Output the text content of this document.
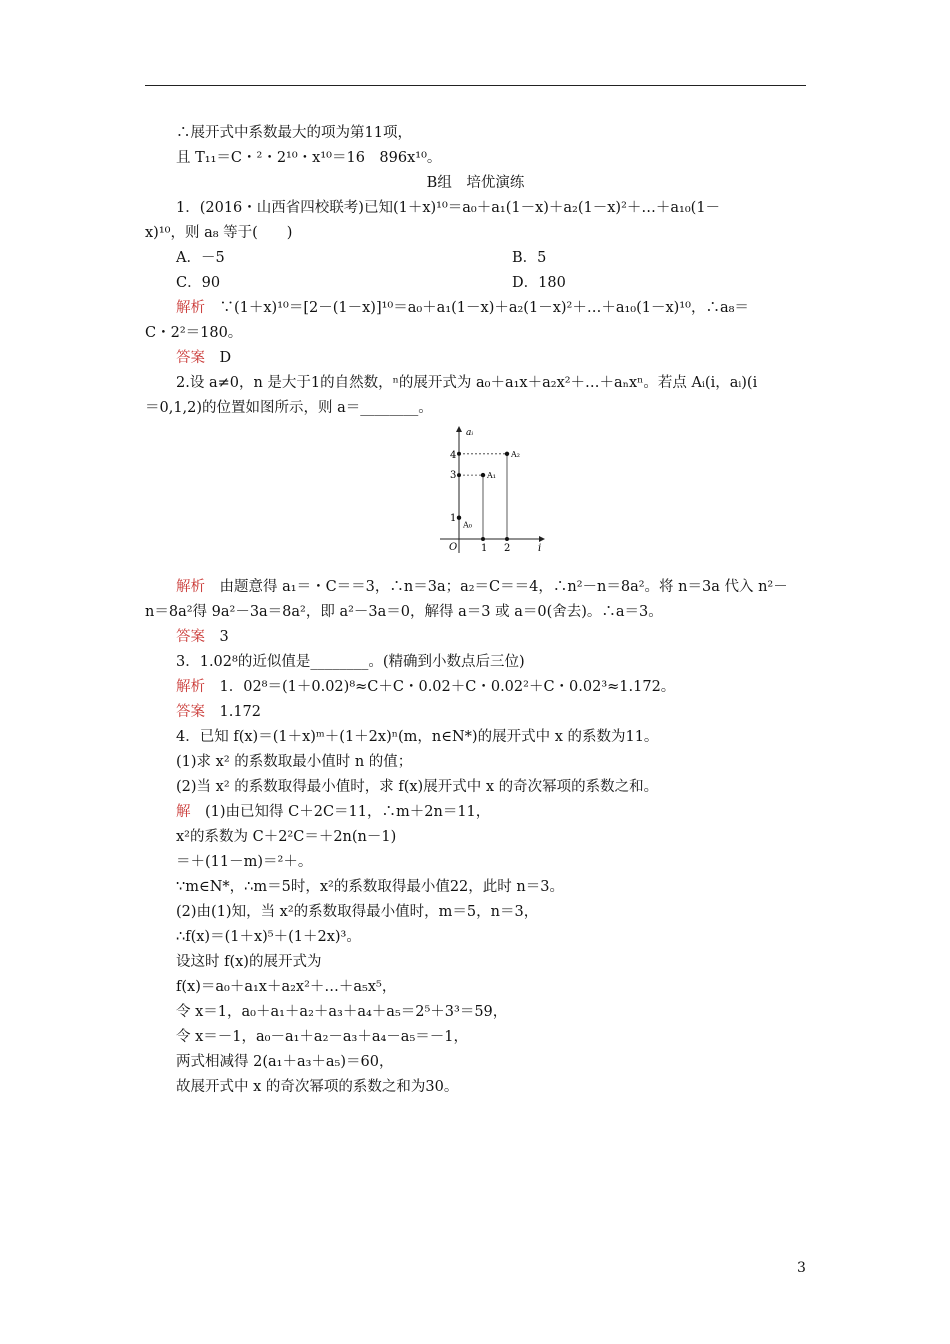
∴展开式中系数最大的项为第11项，
且 T₁₁＝C・²・2¹⁰・x¹⁰＝16　896x¹⁰。
B组　培优演练
1．(2016・山西省四校联考)已知(1＋x)¹⁰＝a₀＋a₁(1－x)＋a₂(1－x)²＋…＋a₁₀(1－
x)¹⁰，则 a₈ 等于(　　)
A．－5	B．5
C．90	D．180
解析　 ∵(1＋x)¹⁰＝[2－(1－x)]¹⁰＝a₀＋a₁(1－x)＋a₂(1－x)²＋…＋a₁₀(1－x)¹⁰，∴a₈＝
C・2²＝180。
答案　 D
2.设 a≠0，n 是大于1的自然数，ⁿ的展开式为 a₀＋a₁x＋a₂x²＋…＋aₙxⁿ。若点 Aᵢ(i，aᵢ)(i
＝0,1,2)的位置如图所示，则 a＝________。
aᵢ
i
O
4
3
1
1 2
A₀
A₁
A₂
解析　 由题意得 a₁＝・C＝＝3，∴n＝3a；a₂＝C＝＝4，∴n²－n＝8a²。将 n＝3a 代入 n²－
n＝8a²得 9a²－3a＝8a²，即 a²－3a＝0，解得 a＝3 或 a＝0(舍去)。∴a＝3。
答案　 3
3．1.02⁸的近似值是________。(精确到小数点后三位)
解析　 1．02⁸＝(1＋0.02)⁸≈C＋C・0.02＋C・0.02²＋C・0.02³≈1.172。
答案　 1.172
4．已知 f(x)＝(1＋x)ᵐ＋(1＋2x)ⁿ(m，n∈N*)的展开式中 x 的系数为11。
(1)求 x² 的系数取最小值时 n 的值；
(2)当 x² 的系数取得最小值时，求 f(x)展开式中 x 的奇次幂项的系数之和。
解　 (1)由已知得 C＋2C＝11，∴m＋2n＝11，
x²的系数为 C＋2²C＝＋2n(n－1)
＝＋(11－m)＝²＋。
∵m∈N*，∴m＝5时，x²的系数取得最小值22，此时 n＝3。
(2)由(1)知，当 x²的系数取得最小值时，m＝5，n＝3，
∴f(x)＝(1＋x)⁵＋(1＋2x)³。
设这时 f(x)的展开式为
f(x)＝a₀＋a₁x＋a₂x²＋…＋a₅x⁵，
令 x＝1，a₀＋a₁＋a₂＋a₃＋a₄＋a₅＝2⁵＋3³＝59，
令 x＝－1，a₀－a₁＋a₂－a₃＋a₄－a₅＝－1，
两式相减得 2(a₁＋a₃＋a₅)＝60，
故展开式中 x 的奇次幂项的系数之和为30。
3
